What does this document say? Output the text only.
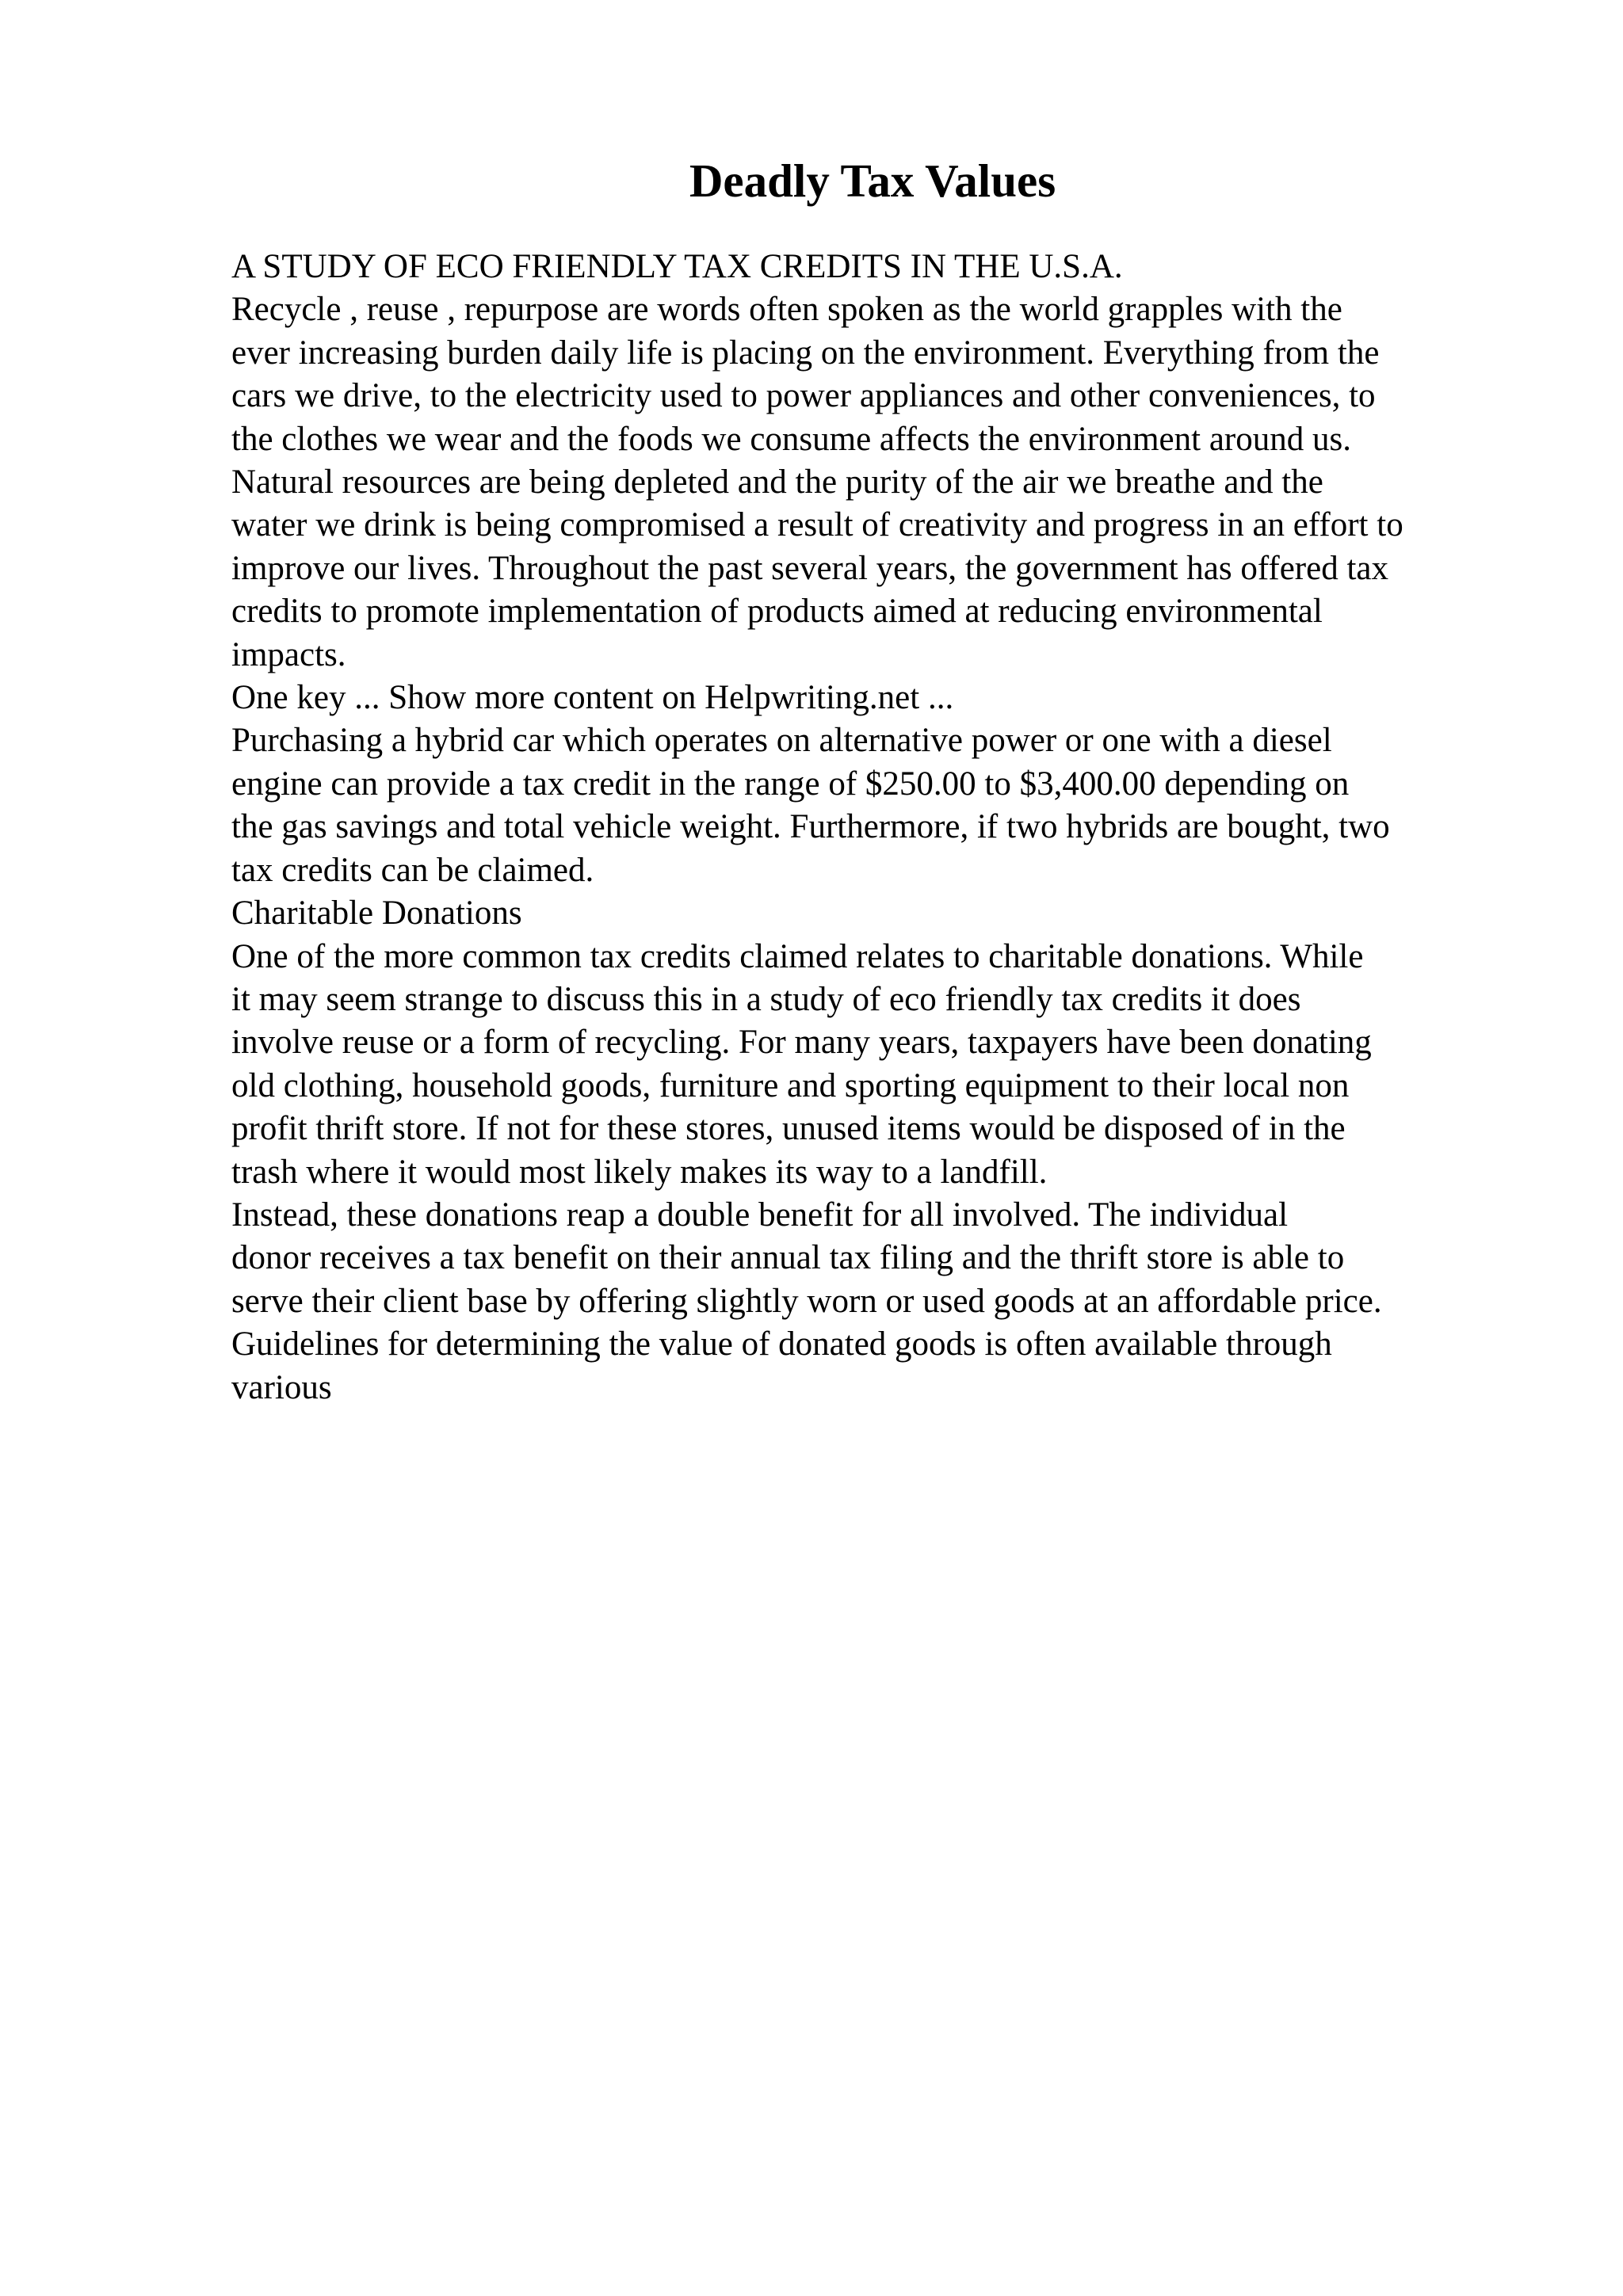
Deadly Tax Values
A STUDY OF ECO FRIENDLY TAX CREDITS IN THE U.S.A.
Recycle , reuse , repurpose are words often spoken as the world grapples with the
ever increasing burden daily life is placing on the environment. Everything from the
cars we drive, to the electricity used to power appliances and other conveniences, to
the clothes we wear and the foods we consume affects the environment around us.
Natural resources are being depleted and the purity of the air we breathe and the
water we drink is being compromised a result of creativity and progress in an effort to
improve our lives. Throughout the past several years, the government has offered tax
credits to promote implementation of products aimed at reducing environmental
impacts.
One key ... Show more content on Helpwriting.net ...
Purchasing a hybrid car which operates on alternative power or one with a diesel
engine can provide a tax credit in the range of $250.00 to $3,400.00 depending on
the gas savings and total vehicle weight. Furthermore, if two hybrids are bought, two
tax credits can be claimed.
Charitable Donations
One of the more common tax credits claimed relates to charitable donations. While
it may seem strange to discuss this in a study of eco friendly tax credits it does
involve reuse or a form of recycling. For many years, taxpayers have been donating
old clothing, household goods, furniture and sporting equipment to their local non
profit thrift store. If not for these stores, unused items would be disposed of in the
trash where it would most likely makes its way to a landfill.
Instead, these donations reap a double benefit for all involved. The individual
donor receives a tax benefit on their annual tax filing and the thrift store is able to
serve their client base by offering slightly worn or used goods at an affordable price.
Guidelines for determining the value of donated goods is often available through
various
